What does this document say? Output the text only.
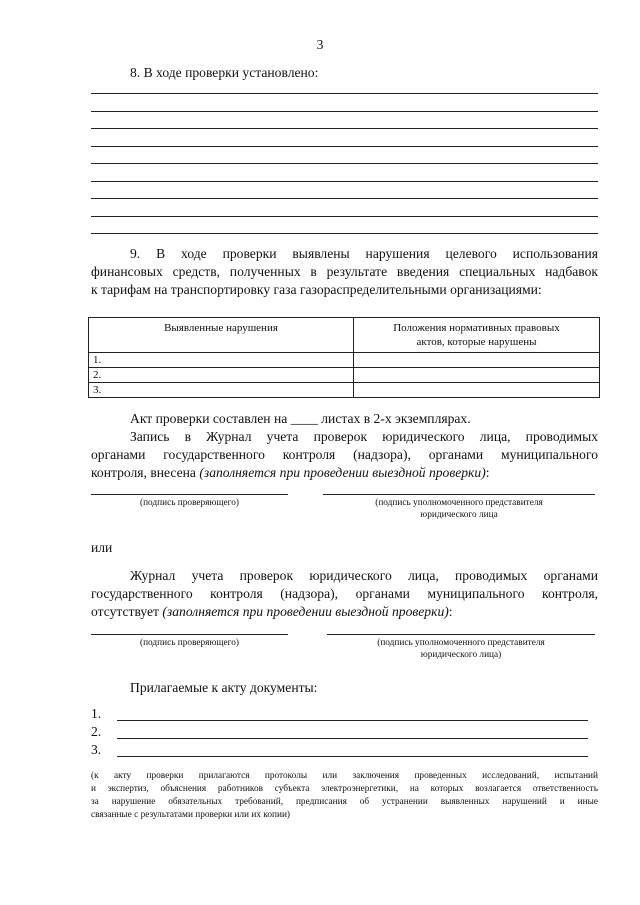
3
8. В ходе проверки установлено:
9. В ходе проверки выявлены нарушения целевого использования
финансовых средств, полученных в результате введения специальных надбавок
к тарифам на транспортировку газа газораспределительными организациями:
Выявленные нарушения	Положения нормативных правовых
актов, которые нарушены
1.	
2.	
3.	
Акт проверки составлен на ____ листах в 2-х экземплярах.
Запись в Журнал учета проверок юридического лица, проводимых
органами государственного контроля (надзора), органами муниципального
контроля, внесена (заполняется при проведении выездной проверки):
(подпись проверяющего)	(подпись уполномоченного представителя
юридического лица
или
Журнал учета проверок юридического лица, проводимых органами
государственного контроля (надзора), органами муниципального контроля,
отсутствует (заполняется при проведении выездной проверки):
(подпись проверяющего)	(подпись уполномоченного представителя
юридического лица)
Прилагаемые к акту документы:
1.
2.
3.
(к акту проверки прилагаются протоколы или заключения проведенных исследований, испытаний
и экспертиз, объяснения работников субъекта электроэнергетики, на которых возлагается ответственность
за нарушение обязательных требований, предписания об устранении выявленных нарушений и иные
связанные с результатами проверки или их копии)
